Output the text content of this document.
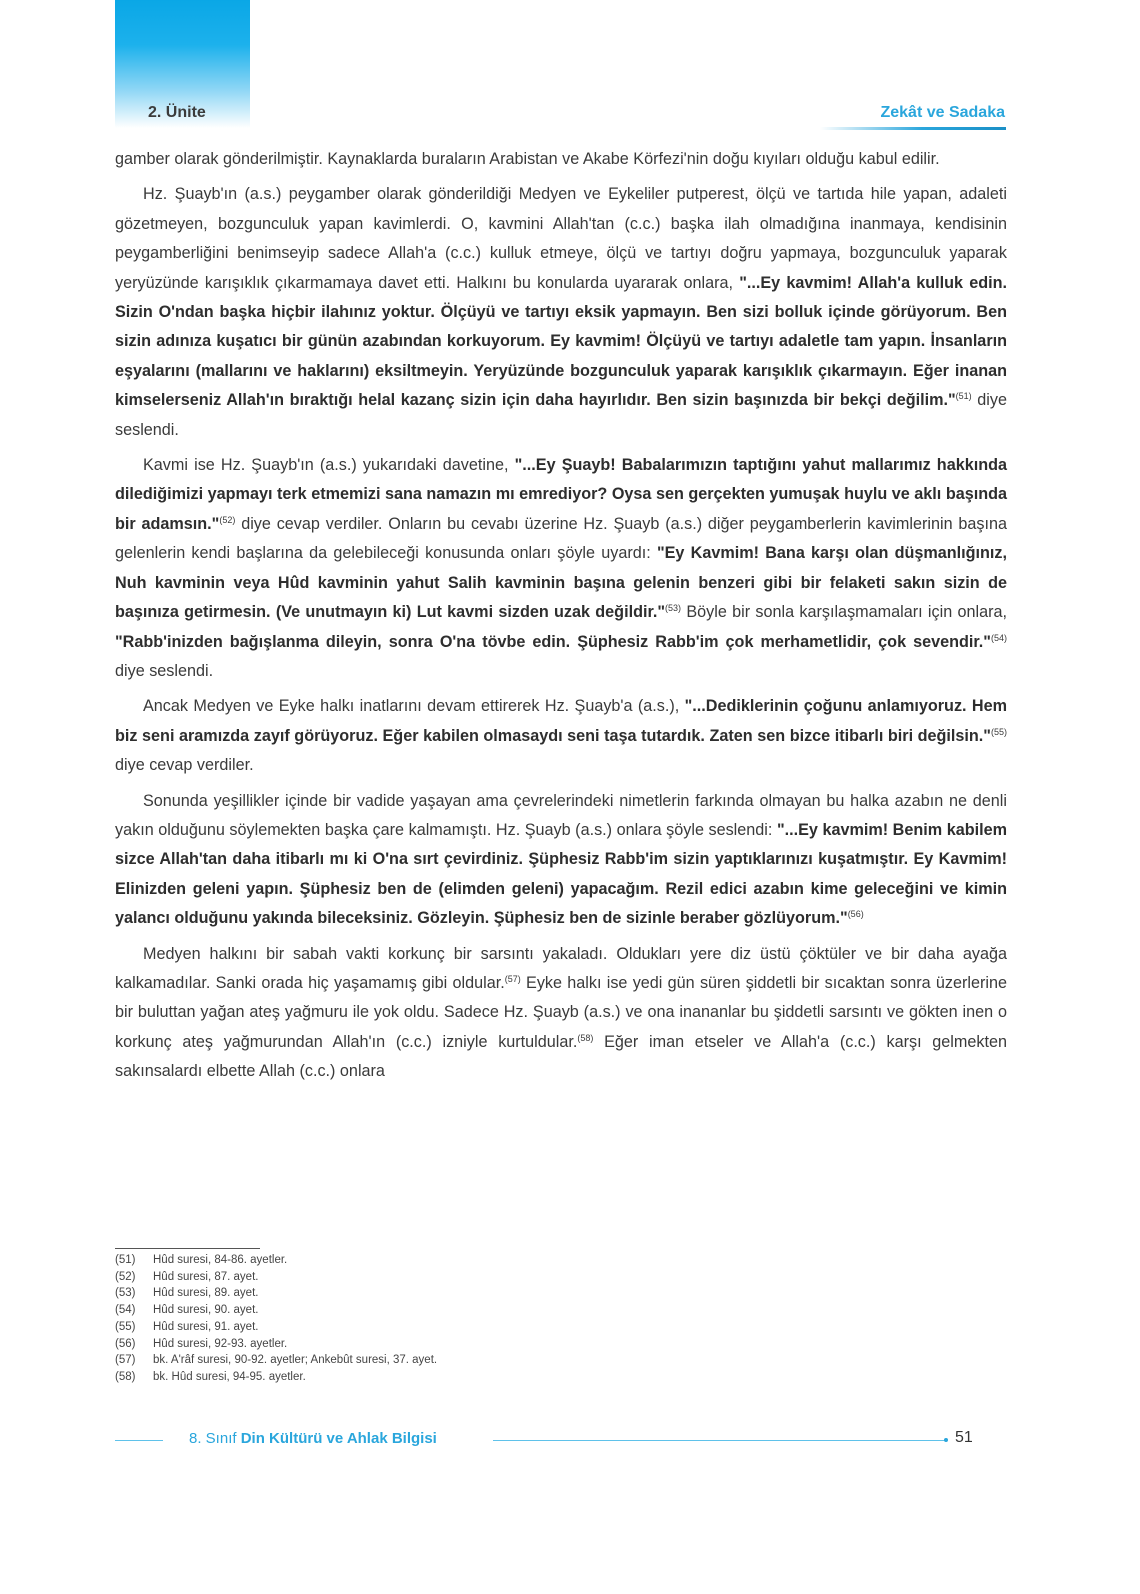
2. Ünite	Zekât ve Sadaka

gamber olarak gönderilmiştir. Kaynaklarda buraların Arabistan ve Akabe Körfezi'nin doğu kıyıları olduğu kabul edilir.

Hz. Şuayb'ın (a.s.) peygamber olarak gönderildiği Medyen ve Eykeliler putperest, ölçü ve tartıda hile yapan, adaleti gözetmeyen, bozgunculuk yapan kavimlerdi. O, kavmini Allah'tan (c.c.) başka ilah olmadığına inanmaya, kendisinin peygamberliğini benimseyip sadece Allah'a (c.c.) kulluk etmeye, ölçü ve tartıyı doğru yapmaya, bozgunculuk yaparak yeryüzünde karışıklık çıkarmamaya davet etti. Halkını bu konularda uyararak onlara, "...Ey kavmim! Allah'a kulluk edin. Sizin O'ndan başka hiçbir ilahınız yoktur. Ölçüyü ve tartıyı eksik yapmayın. Ben sizi bolluk içinde görüyorum. Ben sizin adınıza kuşatıcı bir günün azabından korkuyorum. Ey kavmim! Ölçüyü ve tartıyı adaletle tam yapın. İnsanların eşyalarını (mallarını ve haklarını) eksiltmeyin. Yeryüzünde bozgunculuk yaparak karışıklık çıkarmayın. Eğer inanan kimselerseniz Allah'ın bıraktığı helal kazanç sizin için daha hayırlıdır. Ben sizin başınızda bir bekçi değilim."$^{(51)}$ diye seslendi.

Kavmi ise Hz. Şuayb'ın (a.s.) yukarıdaki davetine, "...Ey Şuayb! Babalarımızın taptığını yahut mallarımız hakkında dilediğimizi yapmayı terk etmemizi sana namazın mı emrediyor? Oysa sen gerçekten yumuşak huylu ve aklı başında bir adamsın."$^{(52)}$ diye cevap verdiler. Onların bu cevabı üzerine Hz. Şuayb (a.s.) diğer peygamberlerin kavimlerinin başına gelenlerin kendi başlarına da gelebileceği konusunda onları şöyle uyardı: "Ey Kavmim! Bana karşı olan düşmanlığınız, Nuh kavminin veya Hûd kavminin yahut Salih kavminin başına gelenin benzeri gibi bir felaketi sakın sizin de başınıza getirmesin. (Ve unutmayın ki) Lut kavmi sizden uzak değildir."$^{(53)}$ Böyle bir sonla karşılaşmamaları için onlara, "Rabb'inizden bağışlanma dileyin, sonra O'na tövbe edin. Şüphesiz Rabb'im çok merhametlidir, çok sevendir."$^{(54)}$ diye seslendi.

Ancak Medyen ve Eyke halkı inatlarını devam ettirerek Hz. Şuayb'a (a.s.), "...Dediklerinin çoğunu anlamıyoruz. Hem biz seni aramızda zayıf görüyoruz. Eğer kabilen olmasaydı seni taşa tutardık. Zaten sen bizce itibarlı biri değilsin."$^{(55)}$ diye cevap verdiler.

Sonunda yeşillikler içinde bir vadide yaşayan ama çevrelerindeki nimetlerin farkında olmayan bu halka azabın ne denli yakın olduğunu söylemekten başka çare kalmamıştı. Hz. Şuayb (a.s.) onlara şöyle seslendi: "...Ey kavmim! Benim kabilem sizce Allah'tan daha itibarlı mı ki O'na sırt çevirdiniz. Şüphesiz Rabb'im sizin yaptıklarınızı kuşatmıştır. Ey Kavmim! Elinizden geleni yapın. Şüphesiz ben de (elimden geleni) yapacağım. Rezil edici azabın kime geleceğini ve kimin yalancı olduğunu yakında bileceksiniz. Gözleyin. Şüphesiz ben de sizinle beraber gözlüyorum."$^{(56)}$

Medyen halkını bir sabah vakti korkunç bir sarsıntı yakaladı. Oldukları yere diz üstü çöktüler ve bir daha ayağa kalkamadılar. Sanki orada hiç yaşamamış gibi oldular.$^{(57)}$ Eyke halkı ise yedi gün süren şiddetli bir sıcaktan sonra üzerlerine bir buluttan yağan ateş yağmuru ile yok oldu. Sadece Hz. Şuayb (a.s.) ve ona inananlar bu şiddetli sarsıntı ve gökten inen o korkunç ateş yağmurundan Allah'ın (c.c.) izniyle kurtuldular.$^{(58)}$ Eğer iman etseler ve Allah'a (c.c.) karşı gelmekten sakınsalardı elbette Allah (c.c.) onlara

(51) Hûd suresi, 84-86. ayetler.
(52) Hûd suresi, 87. ayet.
(53) Hûd suresi, 89. ayet.
(54) Hûd suresi, 90. ayet.
(55) Hûd suresi, 91. ayet.
(56) Hûd suresi, 92-93. ayetler.
(57) bk. A'râf suresi, 90-92. ayetler; Ankebût suresi, 37. ayet.
(58) bk. Hûd suresi, 94-95. ayetler.
8. Sınıf Din Kültürü ve Ahlak Bilgisi	51
